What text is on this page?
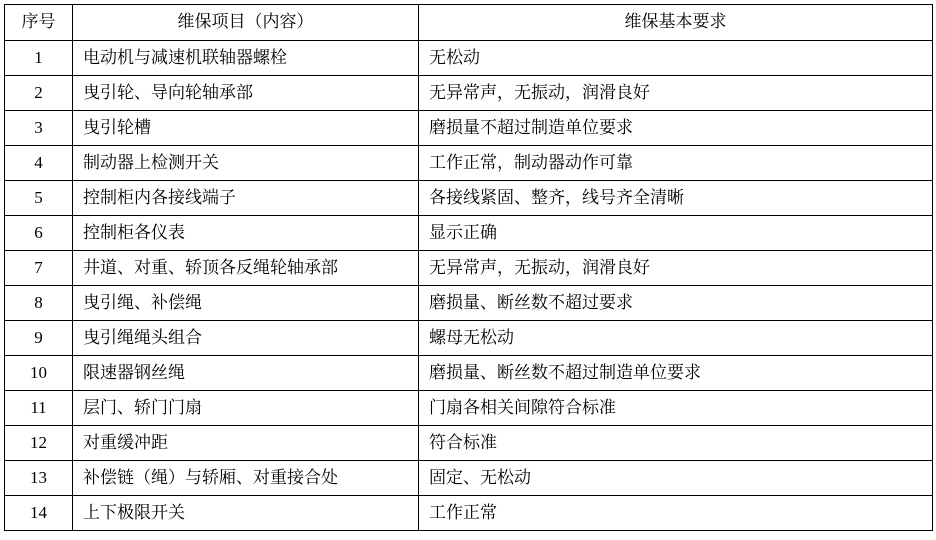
序号	维保项目（内容）	维保基本要求
1	电动机与减速机联轴器螺栓	无松动
2	曳引轮、导向轮轴承部	无异常声，无振动，润滑良好
3	曳引轮槽	磨损量不超过制造单位要求
4	制动器上检测开关	工作正常，制动器动作可靠
5	控制柜内各接线端子	各接线紧固、整齐，线号齐全清晰
6	控制柜各仪表	显示正确
7	井道、对重、轿顶各反绳轮轴承部	无异常声，无振动，润滑良好
8	曳引绳、补偿绳	磨损量、断丝数不超过要求
9	曳引绳绳头组合	螺母无松动
10	限速器钢丝绳	磨损量、断丝数不超过制造单位要求
11	层门、轿门门扇	门扇各相关间隙符合标准
12	对重缓冲距	符合标准
13	补偿链（绳）与轿厢、对重接合处	固定、无松动
14	上下极限开关	工作正常
